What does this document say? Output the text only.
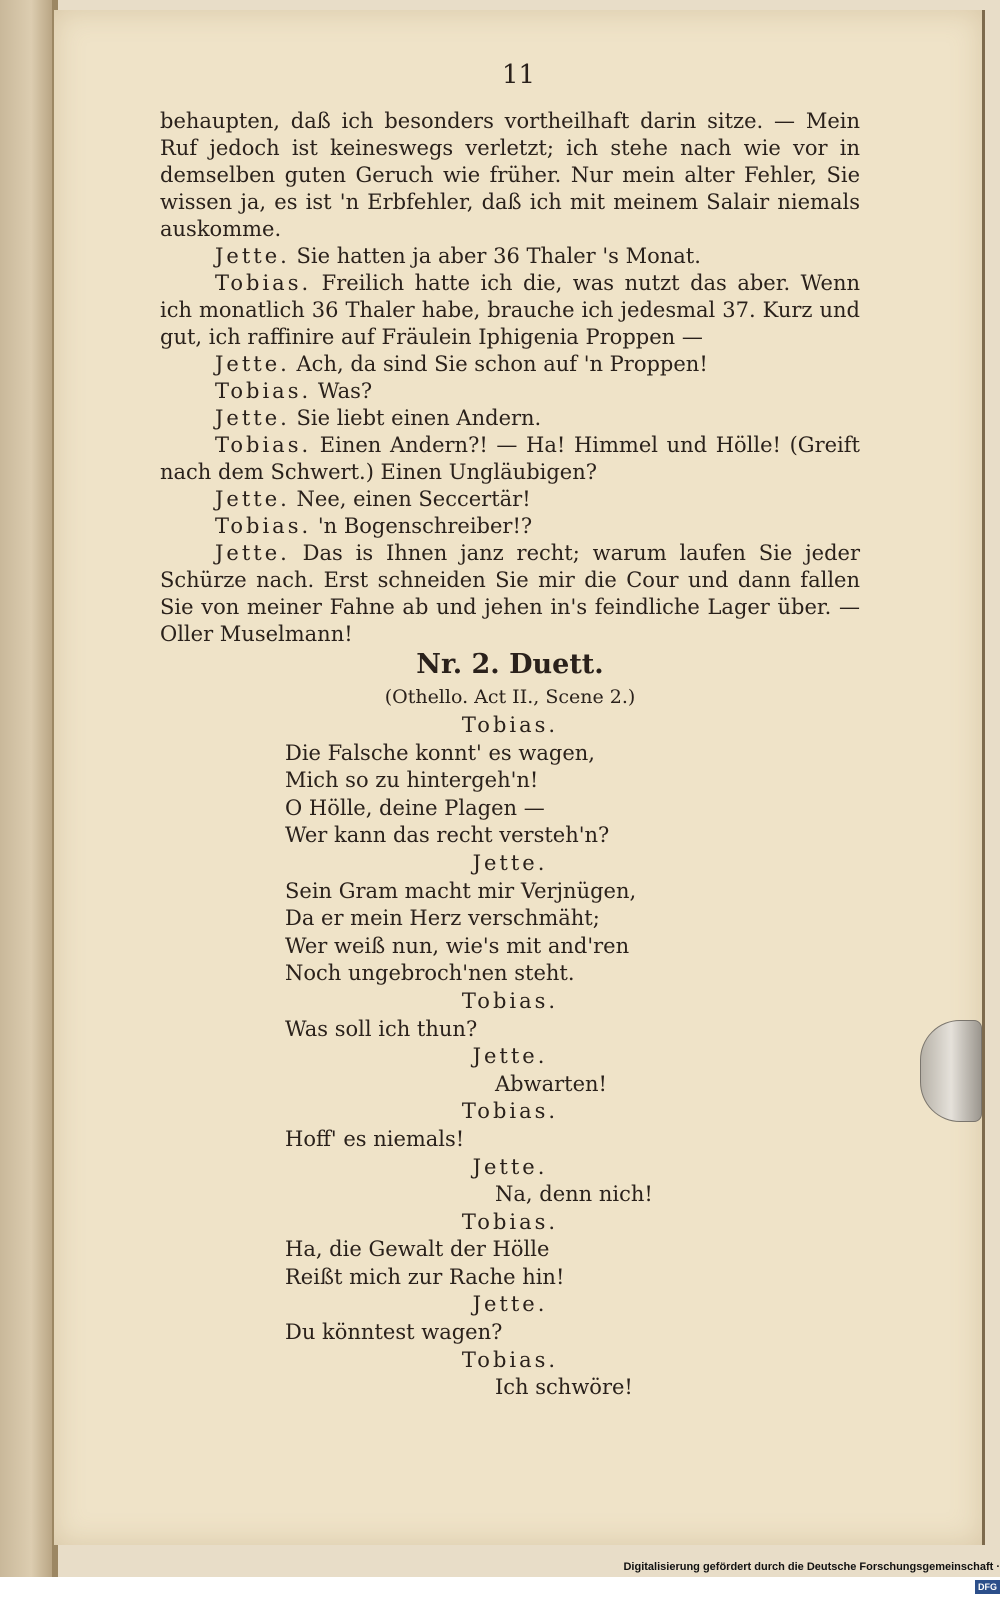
11

behaupten, daß ich besonders vortheilhaft darin sitze. — Mein Ruf jedoch ist keineswegs verletzt; ich stehe nach wie vor in demselben guten Geruch wie früher. Nur mein alter Fehler, Sie wissen ja, es ist 'n Erbfehler, daß ich mit meinem Salair niemals auskomme.

Jette. Sie hatten ja aber 36 Thaler 's Monat.

Tobias. Freilich hatte ich die, was nutzt das aber. Wenn ich monatlich 36 Thaler habe, brauche ich jedesmal 37. Kurz und gut, ich raffinire auf Fräulein Iphigenia Proppen —

Jette. Ach, da sind Sie schon auf 'n Proppen!

Tobias. Was?

Jette. Sie liebt einen Andern.

Tobias. Einen Andern?! — Ha! Himmel und Hölle! (Greift nach dem Schwert.) Einen Ungläubigen?

Jette. Nee, einen Seccertär!

Tobias. 'n Bogenschreiber!?

Jette. Das is Ihnen janz recht; warum laufen Sie jeder Schürze nach. Erst schneiden Sie mir die Cour und dann fallen Sie von meiner Fahne ab und jehen in's feindliche Lager über. — Oller Muselmann!

Nr. 2. Duett.
(Othello. Act II., Scene 2.)
Tobias.
Die Falsche konnt' es wagen,
Mich so zu hintergeh'n!
O Hölle, deine Plagen —
Wer kann das recht versteh'n?
Jette.
Sein Gram macht mir Verjnügen,
Da er mein Herz verschmäht;
Wer weiß nun, wie's mit and'ren
Noch ungebroch'nen steht.
Tobias.
Was soll ich thun?
Jette.
Abwarten!
Tobias.
Hoff' es niemals!
Jette.
Na, denn nich!
Tobias.
Ha, die Gewalt der Hölle
Reißt mich zur Rache hin!
Jette.
Du könntest wagen?
Tobias.
Ich schwöre!
Digitalisierung gefördert durch die Deutsche Forschungsgemeinschaft ·DFG
